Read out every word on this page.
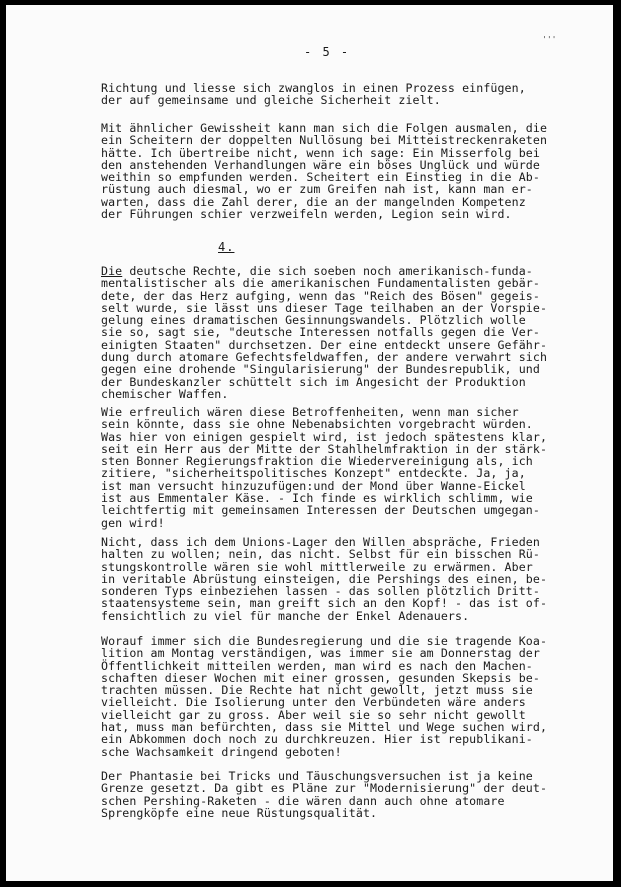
- 5 -
Richtung und liesse sich zwanglos in einen Prozess einfügen,
der auf gemeinsame und gleiche Sicherheit zielt.
Mit ähnlicher Gewissheit kann man sich die Folgen ausmalen, die
ein Scheitern der doppelten Nullösung bei Mitteistreckenraketen
hätte. Ich übertreibe nicht, wenn ich sage: Ein Misserfolg bei
den anstehenden Verhandlungen wäre ein böses Unglück und würde
weithin so empfunden werden. Scheitert ein Einstieg in die Ab-
rüstung auch diesmal, wo er zum Greifen nah ist, kann man er-
warten, dass die Zahl derer, die an der mangelnden Kompetenz
der Führungen schier verzweifeln werden, Legion sein wird.
4.
Die deutsche Rechte, die sich soeben noch amerikanisch-funda-
mentalistischer als die amerikanischen Fundamentalisten gebär-
dete, der das Herz aufging, wenn das "Reich des Bösen" gegeis-
selt wurde, sie lässt uns dieser Tage teilhaben an der Vorspie-
gelung eines dramatischen Gesinnungswandels. Plötzlich wolle
sie so, sagt sie, "deutsche Interessen notfalls gegen die Ver-
einigten Staaten" durchsetzen. Der eine entdeckt unsere Gefähr-
dung durch atomare Gefechtsfeldwaffen, der andere verwahrt sich
gegen eine drohende "Singularisierung" der Bundesrepublik, und
der Bundeskanzler schüttelt sich im Angesicht der Produktion
chemischer Waffen.
Wie erfreulich wären diese Betroffenheiten, wenn man sicher
sein könnte, dass sie ohne Nebenabsichten vorgebracht würden.
Was hier von einigen gespielt wird, ist jedoch spätestens klar,
seit ein Herr aus der Mitte der Stahlhelmfraktion in der stärk-
sten Bonner Regierungsfraktion die Wiedervereinigung als, ich
zitiere, "sicherheitspolitisches Konzept" entdeckte. Ja, ja,
ist man versucht hinzuzufügen:und der Mond über Wanne-Eickel
ist aus Emmentaler Käse. - Ich finde es wirklich schlimm, wie
leichtfertig mit gemeinsamen Interessen der Deutschen umgegan-
gen wird!
Nicht, dass ich dem Unions-Lager den Willen abspräche, Frieden
halten zu wollen; nein, das nicht. Selbst für ein bisschen Rü-
stungskontrolle wären sie wohl mittlerweile zu erwärmen. Aber
in veritable Abrüstung einsteigen, die Pershings des einen, be-
sonderen Typs einbeziehen lassen - das sollen plötzlich Dritt-
staatensysteme sein, man greift sich an den Kopf! - das ist of-
fensichtlich zu viel für manche der Enkel Adenauers.
Worauf immer sich die Bundesregierung und die sie tragende Koa-
lition am Montag verständigen, was immer sie am Donnerstag der
Öffentlichkeit mitteilen werden, man wird es nach den Machen-
schaften dieser Wochen mit einer grossen, gesunden Skepsis be-
trachten müssen. Die Rechte hat nicht gewollt, jetzt muss sie
vielleicht. Die Isolierung unter den Verbündeten wäre anders
vielleicht gar zu gross. Aber weil sie so sehr nicht gewollt
hat, muss man befürchten, dass sie Mittel und Wege suchen wird,
ein Abkommen doch noch zu durchkreuzen. Hier ist republikani-
sche Wachsamkeit dringend geboten!
Der Phantasie bei Tricks und Täuschungsversuchen ist ja keine
Grenze gesetzt. Da gibt es Pläne zur "Modernisierung" der deut-
schen Pershing-Raketen - die wären dann auch ohne atomare
Sprengköpfe eine neue Rüstungsqualität.
'''
